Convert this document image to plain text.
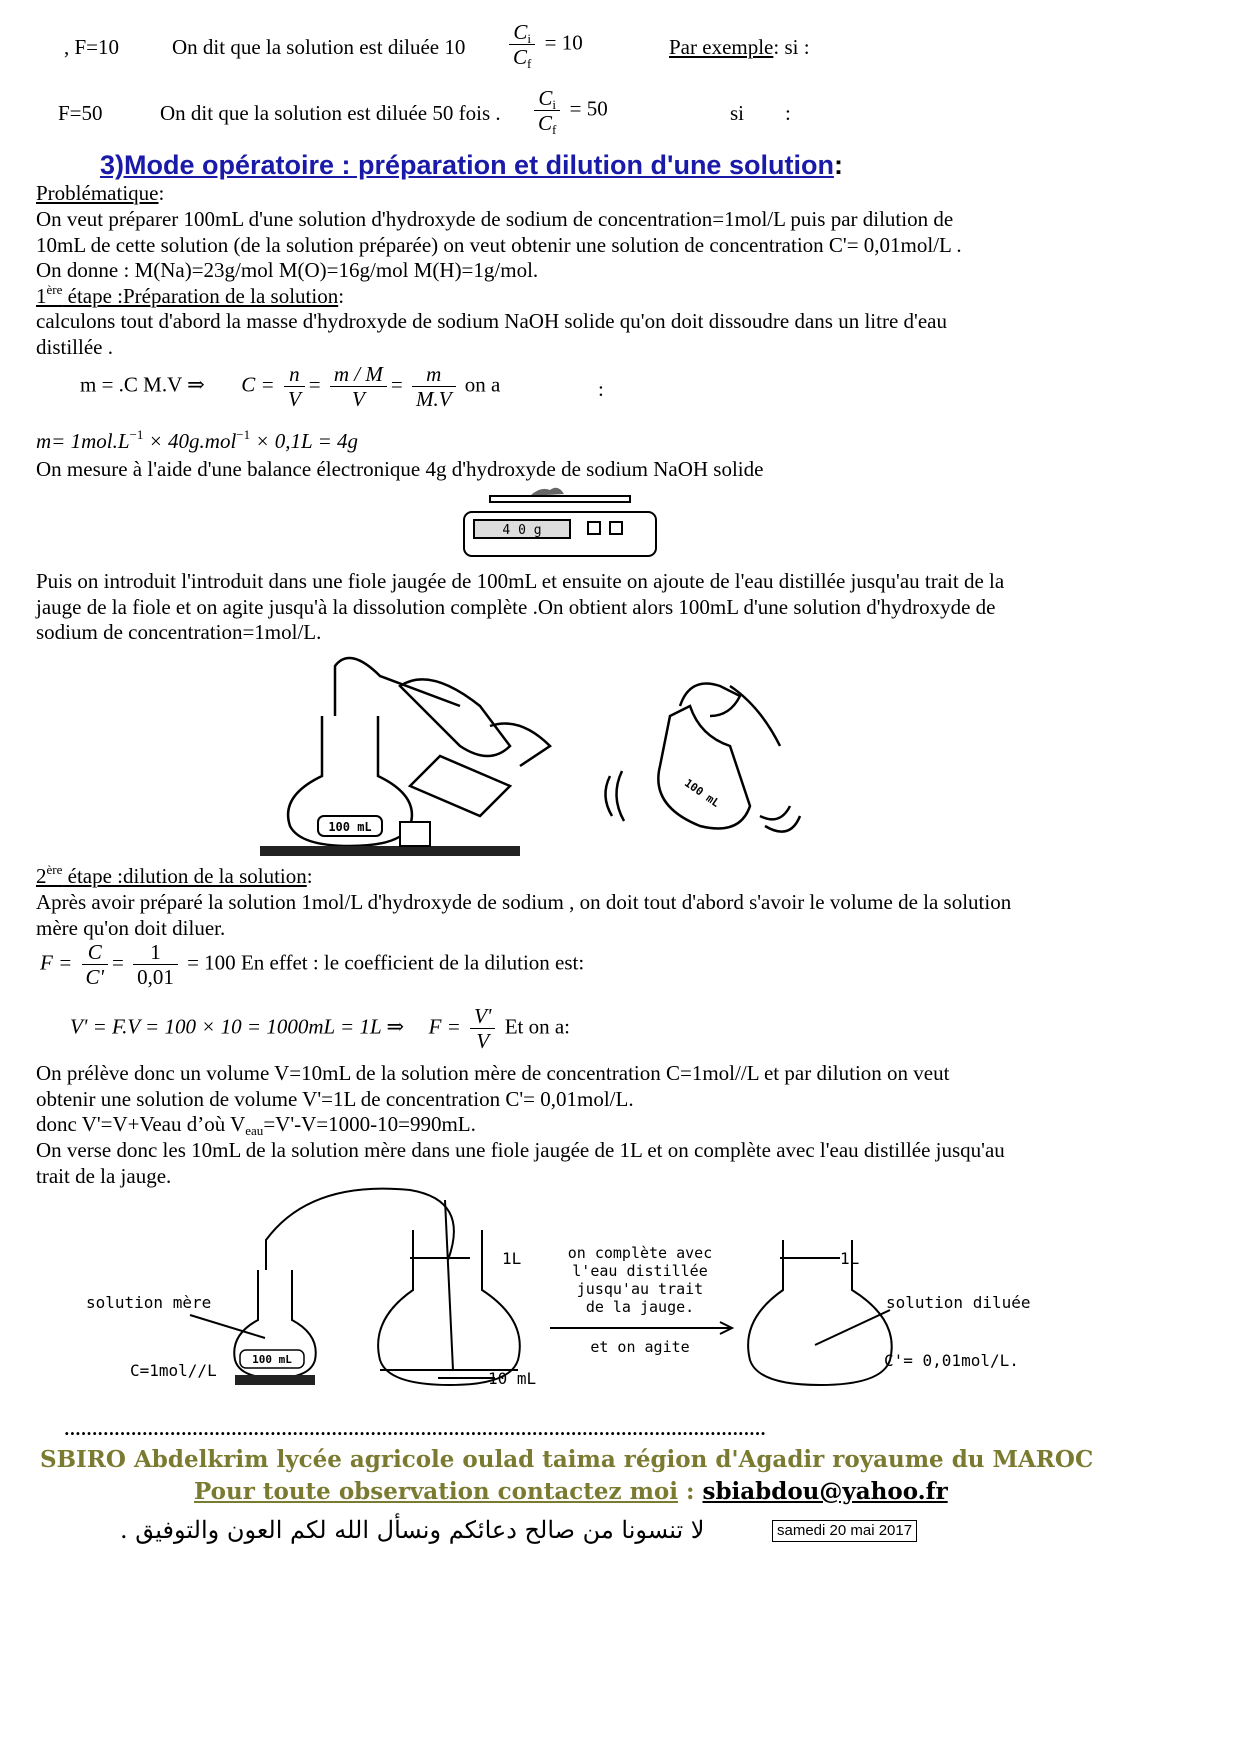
, F=10	On dit que la solution est diluée $10 \frac{C_i}{C_f} = 10$	Par exemple: si :
F=50	On dit que la solution est diluée 50 fois . $\frac{C_i}{C_f} = 50$	si :
3)Mode opératoire : préparation et dilution d'une solution:
Problématique:
On veut préparer 100mL d'une solution d'hydroxyde de sodium de concentration=1mol/L puis par dilution de
10mL de cette solution (de la solution préparée) on veut obtenir une solution de concentration C'= 0,01mol/L .
On donne : M(Na)=23g/mol M(O)=16g/mol M(H)=1g/mol.
1ère étape :Préparation de la solution:
calculons tout d'abord la masse d'hydroxyde de sodium NaOH solide qu'on doit dissoudre dans un litre d'eau
distillée .
m = .C M.V ⇒ $C = \frac{n}{V} = \frac{m / M}{V} = \frac{m}{M.V}$ on a	:
$m= 1mol.L^{-1} \times 40g.mol^{-1} \times 0,1L = 4g$
On mesure à l'aide d'une balance électronique 4g d'hydroxyde de sodium NaOH solide
4 0 g
Puis on introduit l'introduit dans une fiole jaugée de 100mL et ensuite on ajoute de l'eau distillée jusqu'au trait de la
jauge de la fiole et on agite jusqu'à la dissolution complète .On obtient alors 100mL d'une solution d'hydroxyde de
sodium de concentration=1mol/L.
100 mL
100 mL
2ère étape :dilution de la solution:
Après avoir préparé la solution 1mol/L d'hydroxyde de sodium , on doit tout d'abord s'avoir le volume de la solution
mère qu'on doit diluer.
$F = \frac{C}{C'} = \frac{1}{0,01} = 100$ En effet : le coefficient de la dilution est:
V' = F.V = 100 × 10 = 1000mL = 1L ⇒ $F = \frac{V'}{V}$ Et on a:
On prélève donc un volume V=10mL de la solution mère de concentration C=1mol//L et par dilution on veut
obtenir une solution de volume V'=1L de concentration C'= 0,01mol/L.
donc V'=V+Veau d’où $V_{eau}=V'-V=1000-10=990mL$.
On verse donc les 10mL de la solution mère dans une fiole jaugée de 1L et on complète avec l'eau distillée jusqu'au
trait de la jauge.
100 mL
solution mère
C=1mol//L
1L
10 mL
on complète avec
l'eau distillée
jusqu'au trait
de la jauge.
et on agite
1L
solution diluée
C'= 0,01mol/L.
..............................................................................................................................
SBIRO Abdelkrim lycée agricole oulad taima région d'Agadir royaume du MAROC
Pour toute observation contactez moi : sbiabdou@yahoo.fr
لا تنسونا من صالح دعائكم ونسأل الله لكم العون والتوفيق .	samedi 20 mai 2017
